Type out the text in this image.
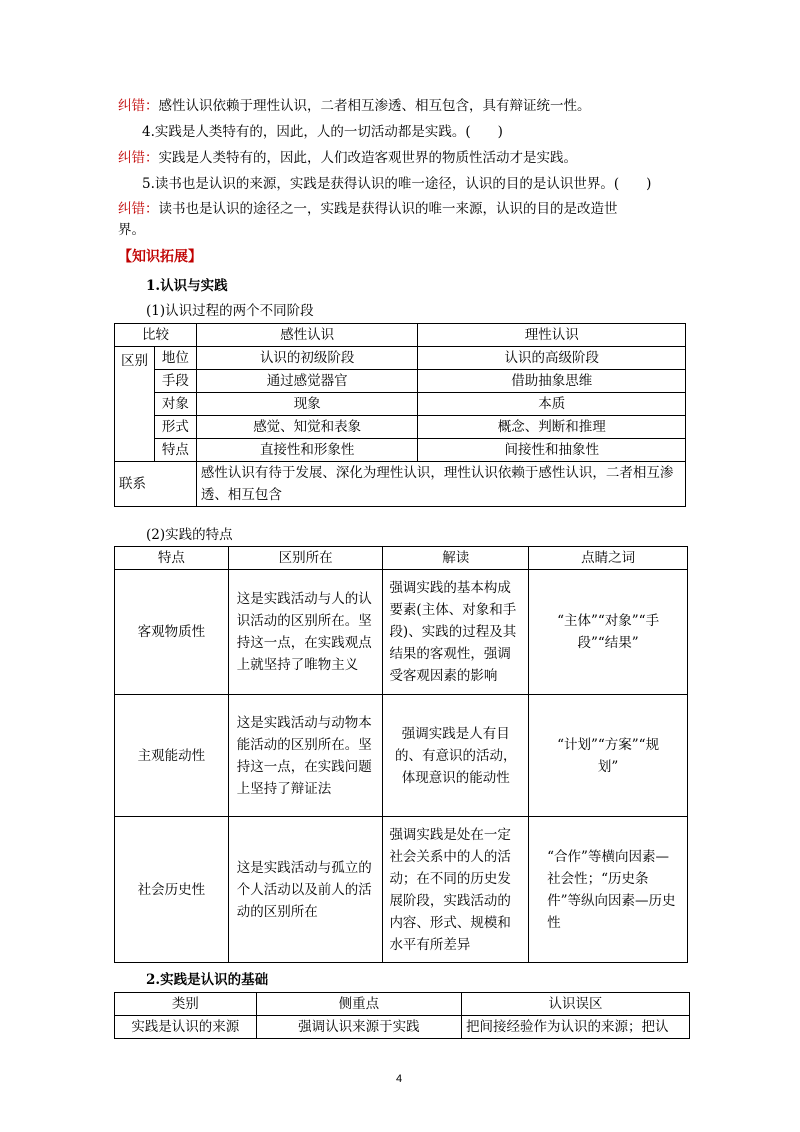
纠错：感性认识依赖于理性认识，二者相互渗透、相互包含，具有辩证统一性。
4.实践是人类特有的，因此，人的一切活动都是实践。(　　)
纠错：实践是人类特有的，因此，人们改造客观世界的物质性活动才是实践。
5.读书也是认识的来源，实践是获得认识的唯一途径，认识的目的是认识世界。(　　)
纠错：读书也是认识的途径之一，实践是获得认识的唯一来源，认识的目的是改造世
界。
【知识拓展】
1.认识与实践
(1)认识过程的两个不同阶段
比较		感性认识	理性认识
区别	地位	认识的初级阶段	认识的高级阶段
	手段	通过感觉器官	借助抽象思维
	对象	现象	本质
	形式	感觉、知觉和表象	概念、判断和推理
	特点	直接性和形象性	间接性和抽象性
联系		感性认识有待于发展、深化为理性认识，理性认识依赖于感性认识，二者相互渗透、相互包含	
(2)实践的特点
特点	区别所在	解读	点睛之词
客观物质性	这是实践活动与人的认识活动的区别所在。坚持这一点，在实践观点上就坚持了唯物主义	强调实践的基本构成要素(主体、对象和手段)、实践的过程及其结果的客观性，强调受客观因素的影响	“主体”“对象”“手段”“结果”
主观能动性	这是实践活动与动物本能活动的区别所在。坚持这一点，在实践问题上坚持了辩证法	强调实践是人有目的、有意识的活动，体现意识的能动性	“计划”“方案”“规划”
社会历史性	这是实践活动与孤立的个人活动以及前人的活动的区别所在	强调实践是处在一定社会关系中的人的活动；在不同的历史发展阶段，实践活动的内容、形式、规模和水平有所差异	“合作”等横向因素—社会性；“历史条件”等纵向因素—历史性
2.实践是认识的基础
类别	侧重点	认识误区
实践是认识的来源	强调认识来源于实践	把间接经验作为认识的来源；把认
4
